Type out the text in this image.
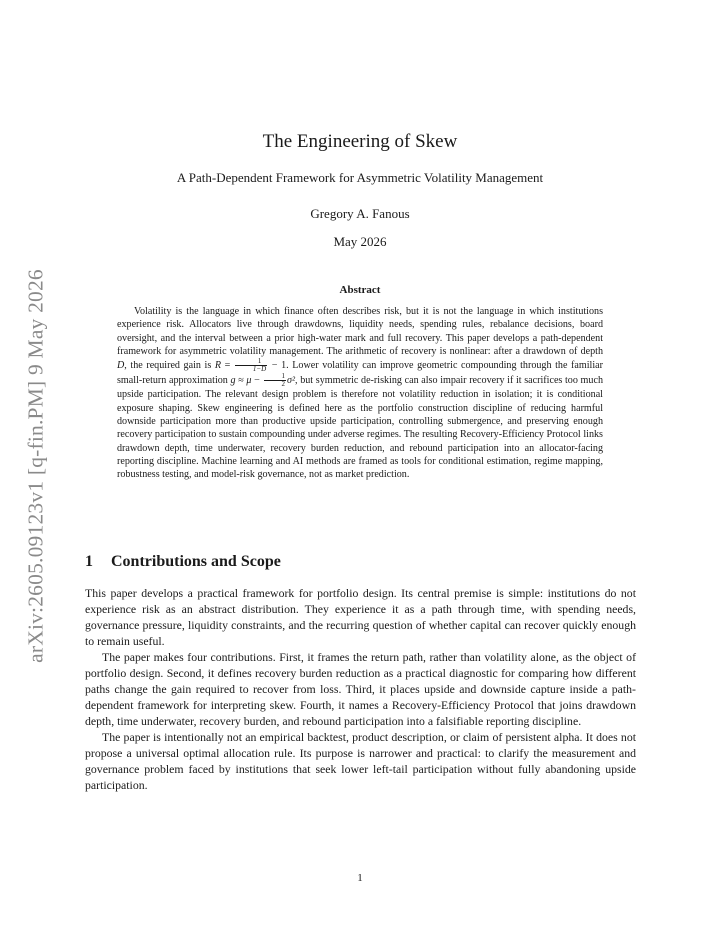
arXiv:2605.09123v1 [q-fin.PM] 9 May 2026
The Engineering of Skew
A Path-Dependent Framework for Asymmetric Volatility Management
Gregory A. Fanous
May 2026
Abstract
Volatility is the language in which finance often describes risk, but it is not the language in which institutions experience risk. Allocators live through drawdowns, liquidity needs, spending rules, rebalance decisions, board oversight, and the interval between a prior high-water mark and full recovery. This paper develops a path-dependent framework for asymmetric volatility management. The arithmetic of recovery is nonlinear: after a drawdown of depth D, the required gain is $R = \frac{1}{1-D} - 1$. Lower volatility can improve geometric compounding through the familiar small-return approximation $g \approx \mu - \frac{1}{2} \sigma^2$, but symmetric de-risking can also impair recovery if it sacrifices too much upside participation. The relevant design problem is therefore not volatility reduction in isolation; it is conditional exposure shaping. Skew engineering is defined here as the portfolio construction discipline of reducing harmful downside participation more than productive upside participation, controlling submergence, and preserving enough recovery participation to sustain compounding under adverse regimes. The resulting Recovery-Efficiency Protocol links drawdown depth, time underwater, recovery burden reduction, and rebound participation into an allocator-facing reporting discipline. Machine learning and AI methods are framed as tools for conditional estimation, regime mapping, robustness testing, and model-risk governance, not as market prediction.
1 Contributions and Scope

This paper develops a practical framework for portfolio design. Its central premise is simple: institutions do not experience risk as an abstract distribution. They experience it as a path through time, with spending needs, governance pressure, liquidity constraints, and the recurring question of whether capital can recover quickly enough to remain useful.

The paper makes four contributions. First, it frames the return path, rather than volatility alone, as the object of portfolio design. Second, it defines recovery burden reduction as a practical diagnostic for comparing how different paths change the gain required to recover from loss. Third, it places upside and downside capture inside a path-dependent framework for interpreting skew. Fourth, it names a Recovery-Efficiency Protocol that joins drawdown depth, time underwater, recovery burden, and rebound participation into a falsifiable reporting discipline.

The paper is intentionally not an empirical backtest, product description, or claim of persistent alpha. It does not propose a universal optimal allocation rule. Its purpose is narrower and practical: to clarify the measurement and governance problem faced by institutions that seek lower left-tail participation without fully abandoning upside participation.

1
